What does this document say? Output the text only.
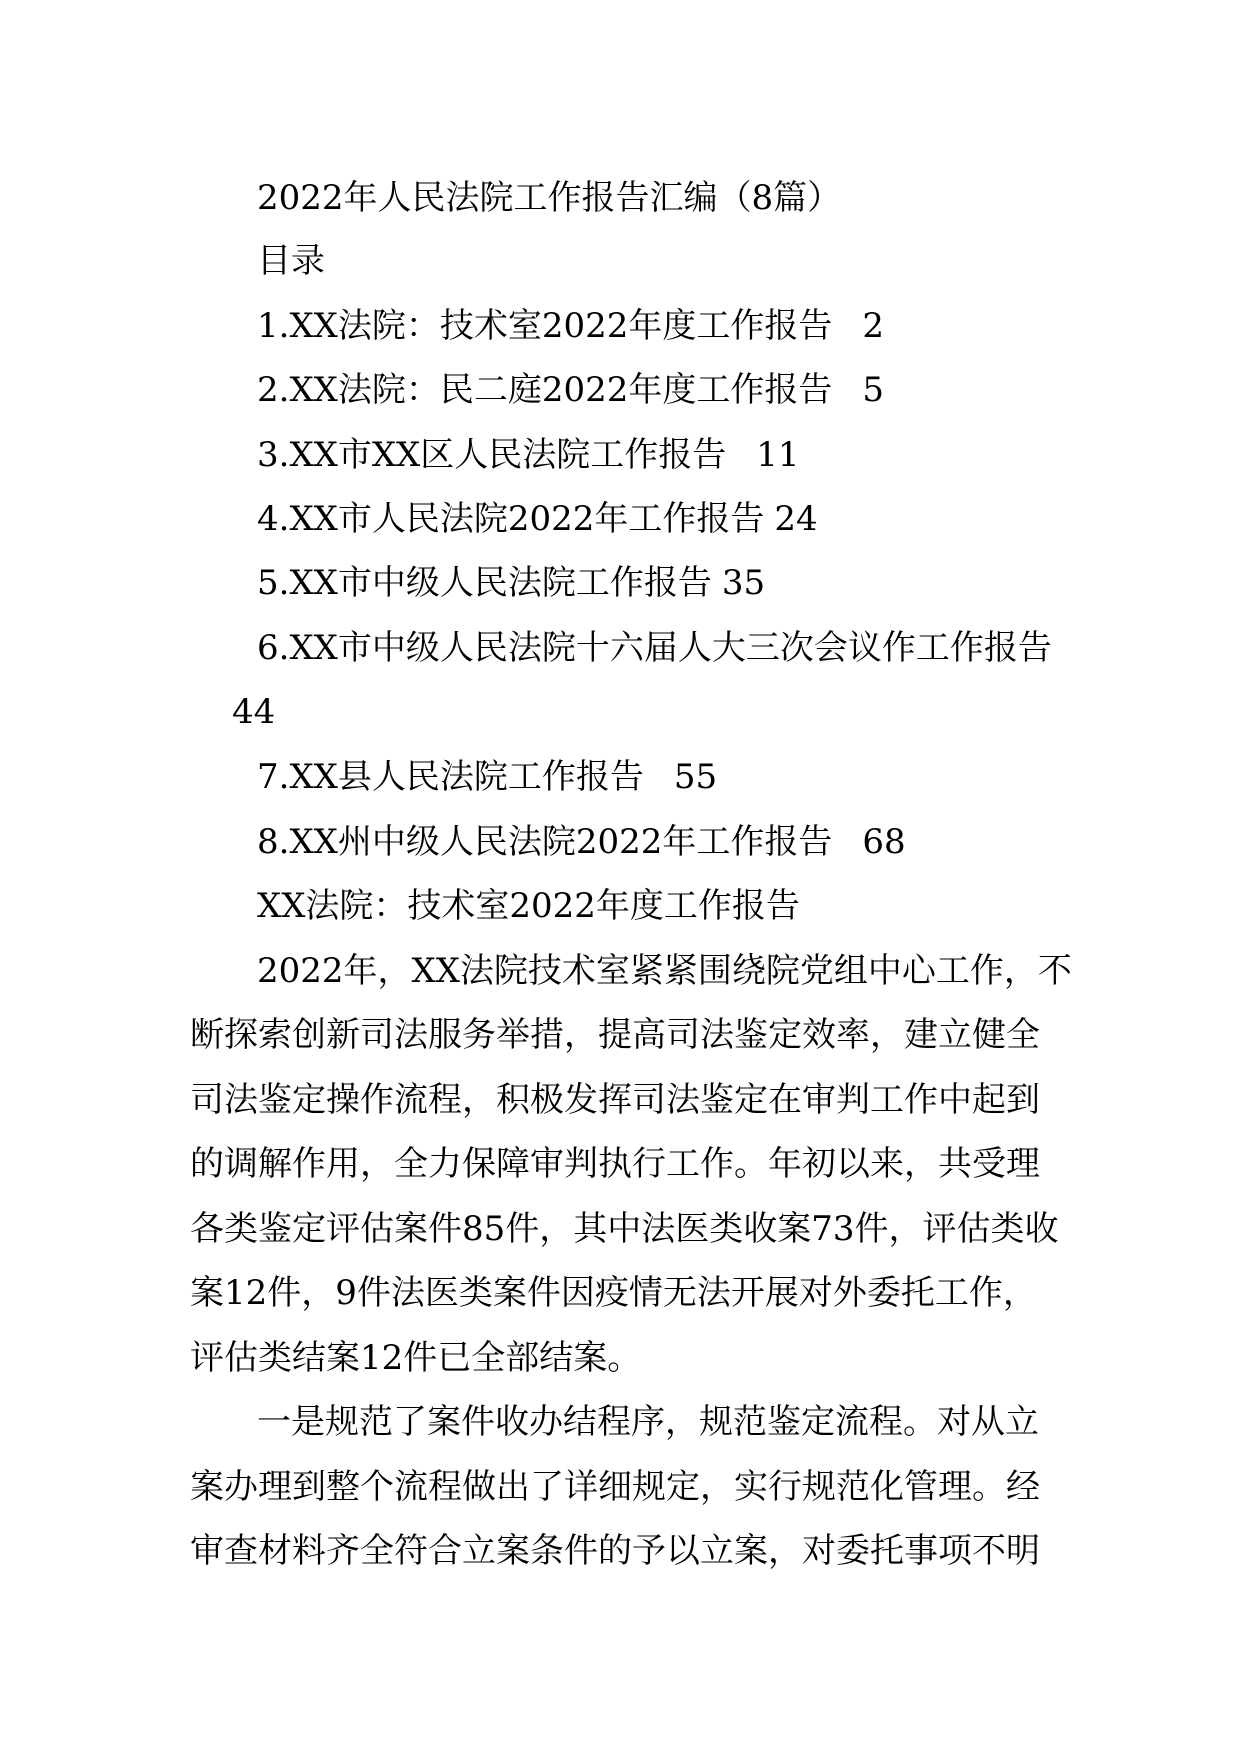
2022年人民法院工作报告汇编（8篇）
目录
1.XX法院：技术室2022年度工作报告 2
2.XX法院：民二庭2022年度工作报告 5
3.XX市XX区人民法院工作报告 11
4.XX市人民法院2022年工作报告 24
5.XX市中级人民法院工作报告 35
6.XX市中级人民法院十六届人大三次会议作工作报告
44
7.XX县人民法院工作报告 55
8.XX州中级人民法院2022年工作报告 68
XX法院：技术室2022年度工作报告
2022年，XX法院技术室紧紧围绕院党组中心工作，不
断探索创新司法服务举措，提高司法鉴定效率，建立健全
司法鉴定操作流程，积极发挥司法鉴定在审判工作中起到
的调解作用，全力保障审判执行工作。年初以来，共受理
各类鉴定评估案件85件，其中法医类收案73件，评估类收
案12件，9件法医类案件因疫情无法开展对外委托工作，
评估类结案12件已全部结案。
一是规范了案件收办结程序，规范鉴定流程。对从立
案办理到整个流程做出了详细规定，实行规范化管理。经
审查材料齐全符合立案条件的予以立案，对委托事项不明
